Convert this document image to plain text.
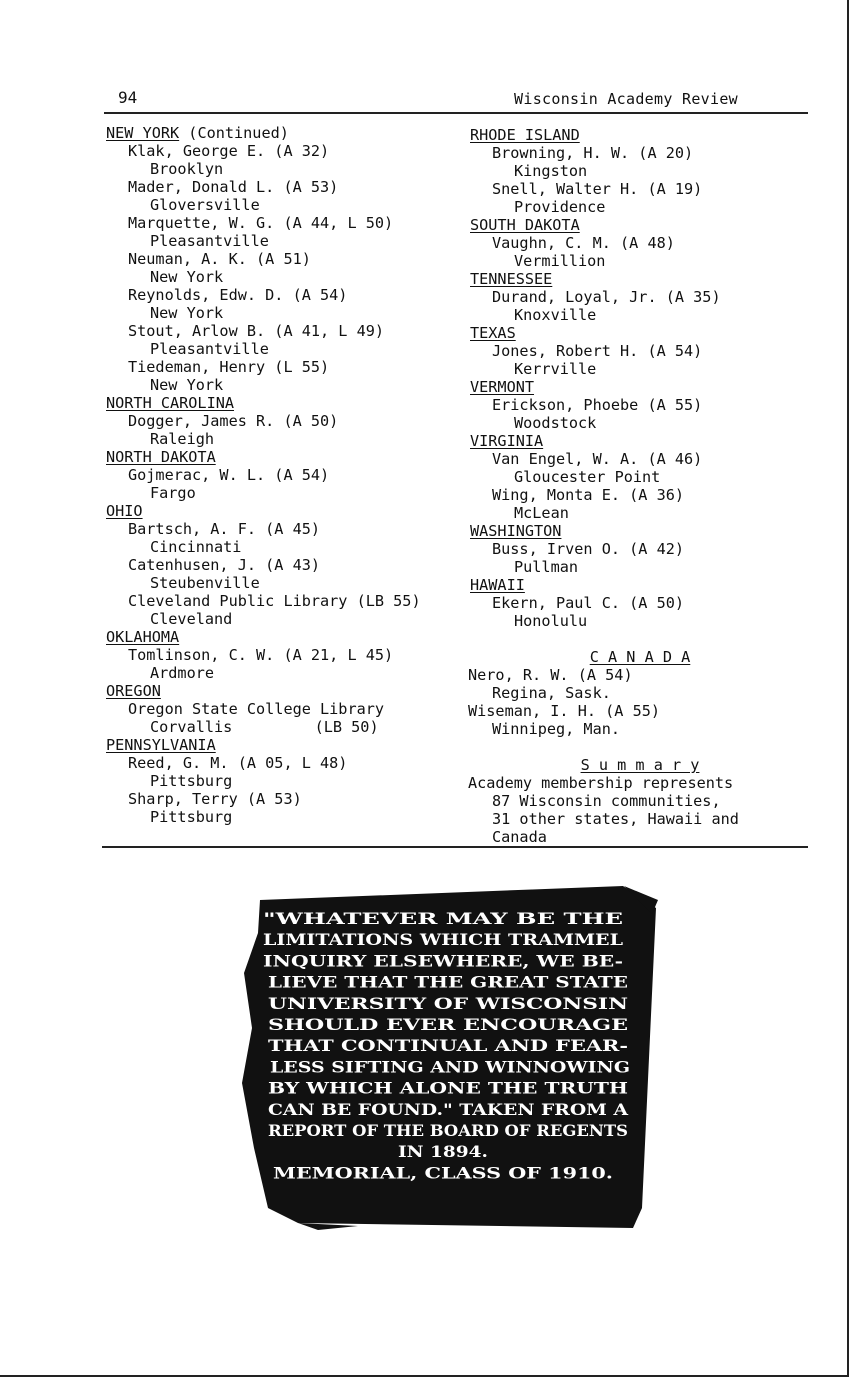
94	Wisconsin Academy Review
NEW YORK (Continued)
Klak, George E. (A 32)
Brooklyn
Mader, Donald L. (A 53)
Gloversville
Marquette, W. G. (A 44, L 50)
Pleasantville
Neuman, A. K. (A 51)
New York
Reynolds, Edw. D. (A 54)
New York
Stout, Arlow B. (A 41, L 49)
Pleasantville
Tiedeman, Henry (L 55)
New York
NORTH CAROLINA
Dogger, James R. (A 50)
Raleigh
NORTH DAKOTA
Gojmerac, W. L. (A 54)
Fargo
OHIO
Bartsch, A. F. (A 45)
Cincinnati
Catenhusen, J. (A 43)
Steubenville
Cleveland Public Library (LB 55)
Cleveland
OKLAHOMA
Tomlinson, C. W. (A 21, L 45)
Ardmore
OREGON
Oregon State College Library
Corvallis         (LB 50)
PENNSYLVANIA
Reed, G. M. (A 05, L 48)
Pittsburg
Sharp, Terry (A 53)
Pittsburg
RHODE ISLAND
Browning, H. W. (A 20)
Kingston
Snell, Walter H. (A 19)
Providence
SOUTH DAKOTA
Vaughn, C. M. (A 48)
Vermillion
TENNESSEE
Durand, Loyal, Jr. (A 35)
Knoxville
TEXAS
Jones, Robert H. (A 54)
Kerrville
VERMONT
Erickson, Phoebe (A 55)
Woodstock
VIRGINIA
Van Engel, W. A. (A 46)
Gloucester Point
Wing, Monta E. (A 36)
McLean
WASHINGTON
Buss, Irven O. (A 42)
Pullman
HAWAII
Ekern, Paul C. (A 50)
Honolulu
C A N A D A
Nero, R. W. (A 54)
Regina, Sask.
Wiseman, I. H. (A 55)
Winnipeg, Man.
S u m m a r y
Academy membership represents
87 Wisconsin communities,
31 other states, Hawaii and
Canada
"WHATEVER MAY BE THE
LIMITATIONS WHICH TRAMMEL
INQUIRY ELSEWHERE, WE BE-
LIEVE THAT THE GREAT STATE
UNIVERSITY OF WISCONSIN
SHOULD EVER ENCOURAGE
THAT CONTINUAL AND FEAR-
LESS SIFTING AND WINNOWING
BY WHICH ALONE THE TRUTH
CAN BE FOUND." TAKEN FROM A
REPORT OF THE BOARD OF REGENTS
IN 1894.
MEMORIAL, CLASS OF 1910.
